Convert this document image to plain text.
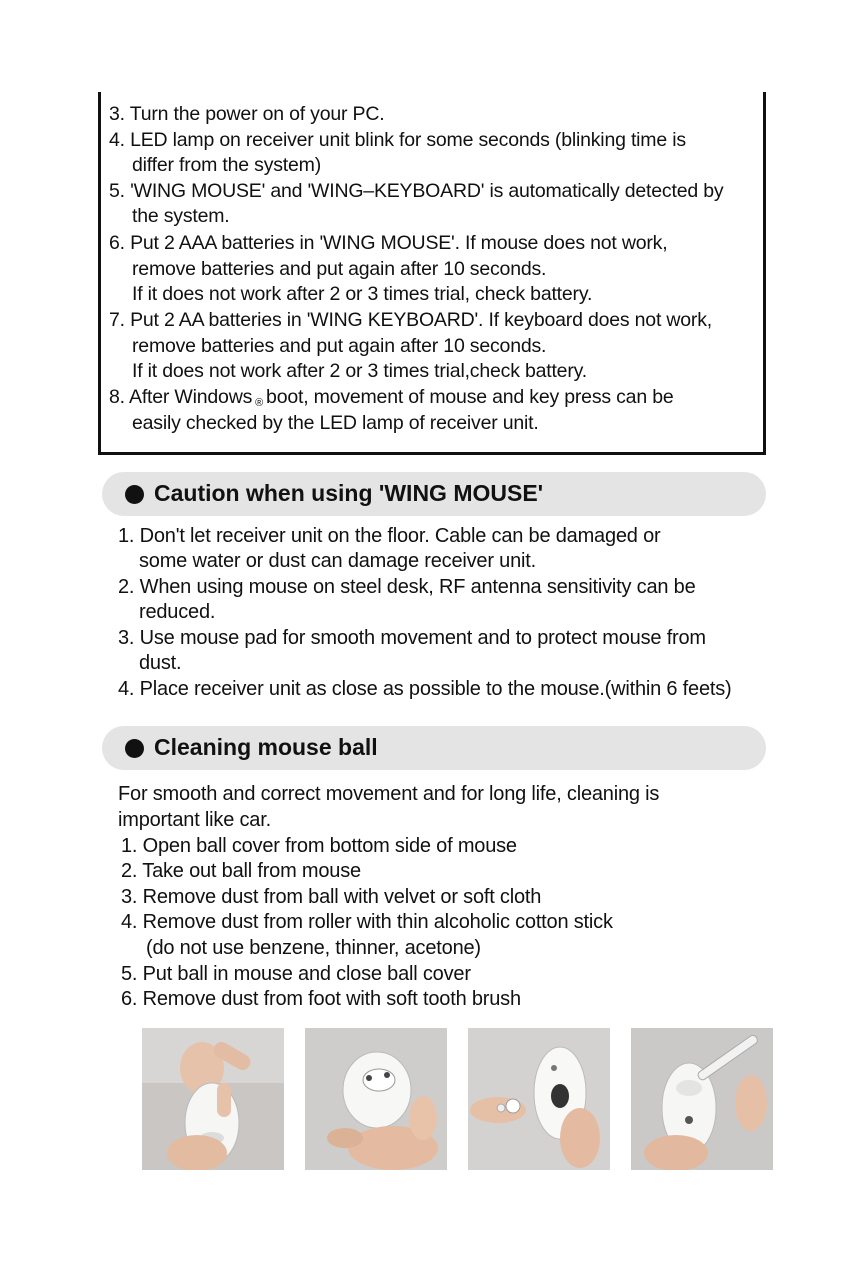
3. Turn the power on of your PC.
4. LED lamp on receiver unit blink for some seconds (blinking time is
differ from the system)
5. 'WING MOUSE' and 'WING–KEYBOARD' is automatically detected by
the system.
6. Put 2 AAA batteries in 'WING MOUSE'. If mouse does not work,
remove batteries and put again after 10 seconds.
If it does not work after 2 or 3 times trial, check battery.
7. Put 2 AA batteries in 'WING KEYBOARD'. If keyboard does not work,
remove batteries and put again after 10 seconds.
If it does not work after 2 or 3 times trial,check battery.
8. After Windows ® boot, movement of mouse and key press can be
easily checked by the LED lamp of receiver unit.
Caution when using 'WING MOUSE'
1. Don't let receiver unit on the floor. Cable can be damaged or
some water or dust can damage receiver unit.
2. When using mouse on steel desk, RF antenna sensitivity can be
reduced.
3. Use mouse pad for smooth movement and to protect mouse from
dust.
4. Place receiver unit as close as possible to the mouse.(within 6 feets)
Cleaning mouse ball
For smooth and correct movement and for long life, cleaning is
important like car.
1. Open ball cover from bottom side of mouse
2. Take out ball from mouse
3. Remove dust from ball with velvet or soft cloth
4. Remove dust from roller with thin alcoholic cotton stick
(do not use benzene, thinner, acetone)
5. Put ball in mouse and close ball cover
6. Remove dust from foot with soft tooth brush
